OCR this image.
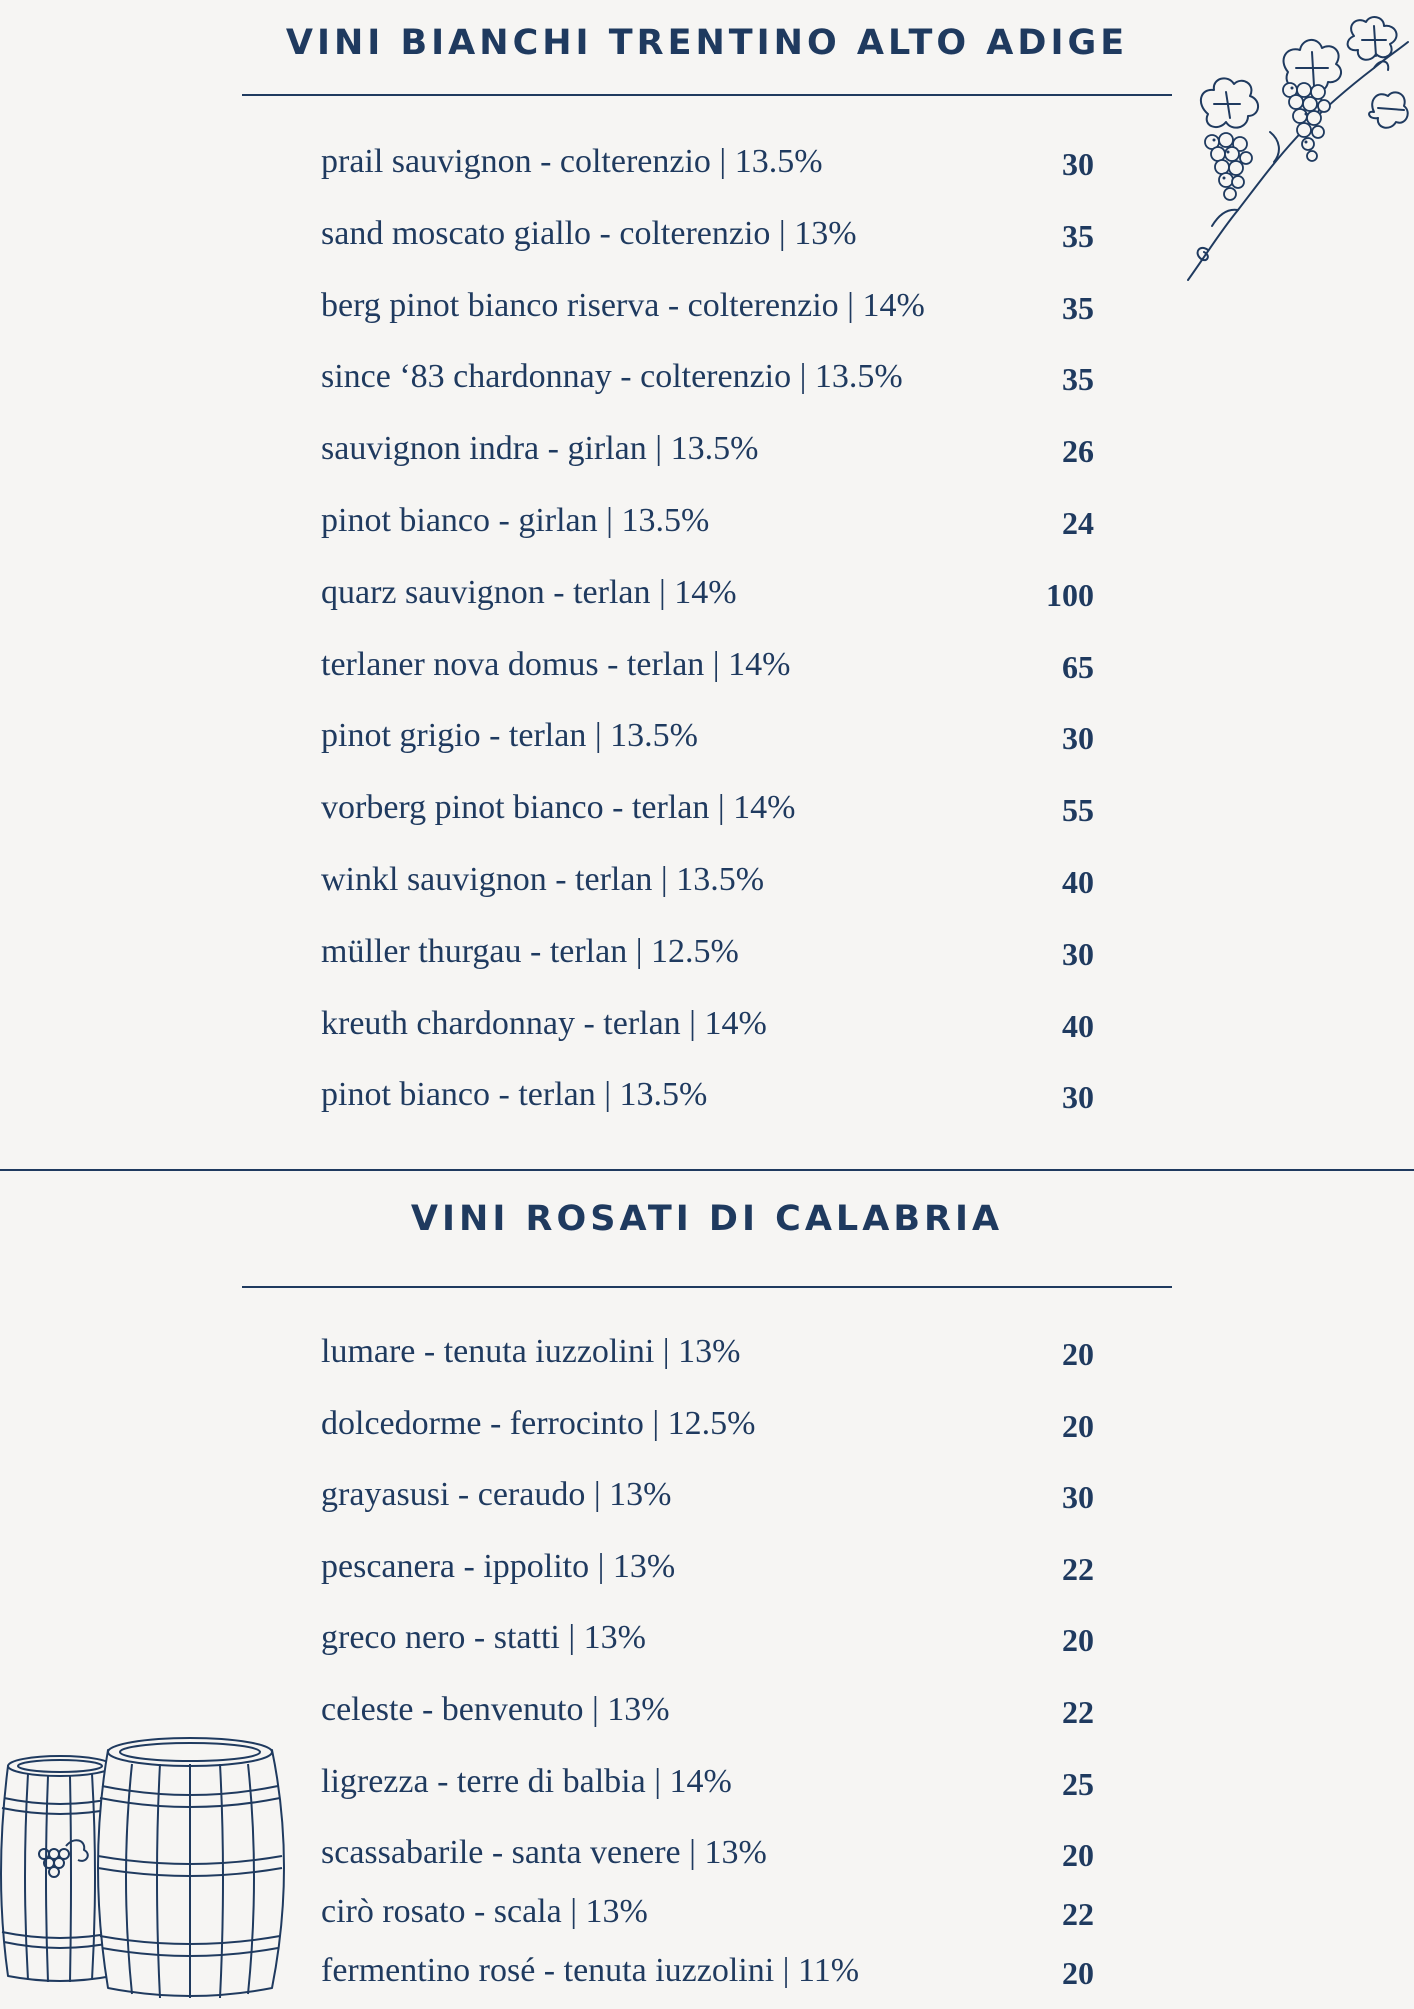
VINI BIANCHI TRENTINO ALTO ADIGE
prail sauvignon - colterenzio | 13.5%	30
sand moscato giallo - colterenzio | 13%	35
berg pinot bianco riserva - colterenzio | 14%	35
since ‘83 chardonnay - colterenzio | 13.5%	35
sauvignon indra - girlan | 13.5%	26
pinot bianco - girlan | 13.5%	24
quarz sauvignon - terlan | 14%	100
terlaner nova domus - terlan | 14%	65
pinot grigio - terlan | 13.5%	30
vorberg pinot bianco - terlan | 14%	55
winkl sauvignon - terlan | 13.5%	40
müller thurgau - terlan | 12.5%	30
kreuth chardonnay - terlan | 14%	40
pinot bianco - terlan | 13.5%	30
VINI ROSATI DI CALABRIA
lumare - tenuta iuzzolini | 13%	20
dolcedorme - ferrocinto | 12.5%	20
grayasusi - ceraudo | 13%	30
pescanera - ippolito | 13%	22
greco nero - statti | 13%	20
celeste - benvenuto | 13%	22
ligrezza - terre di balbia | 14%	25
scassabarile - santa venere | 13%	20
cirò rosato - scala | 13%	22
fermentino rosé - tenuta iuzzolini | 11%	20
